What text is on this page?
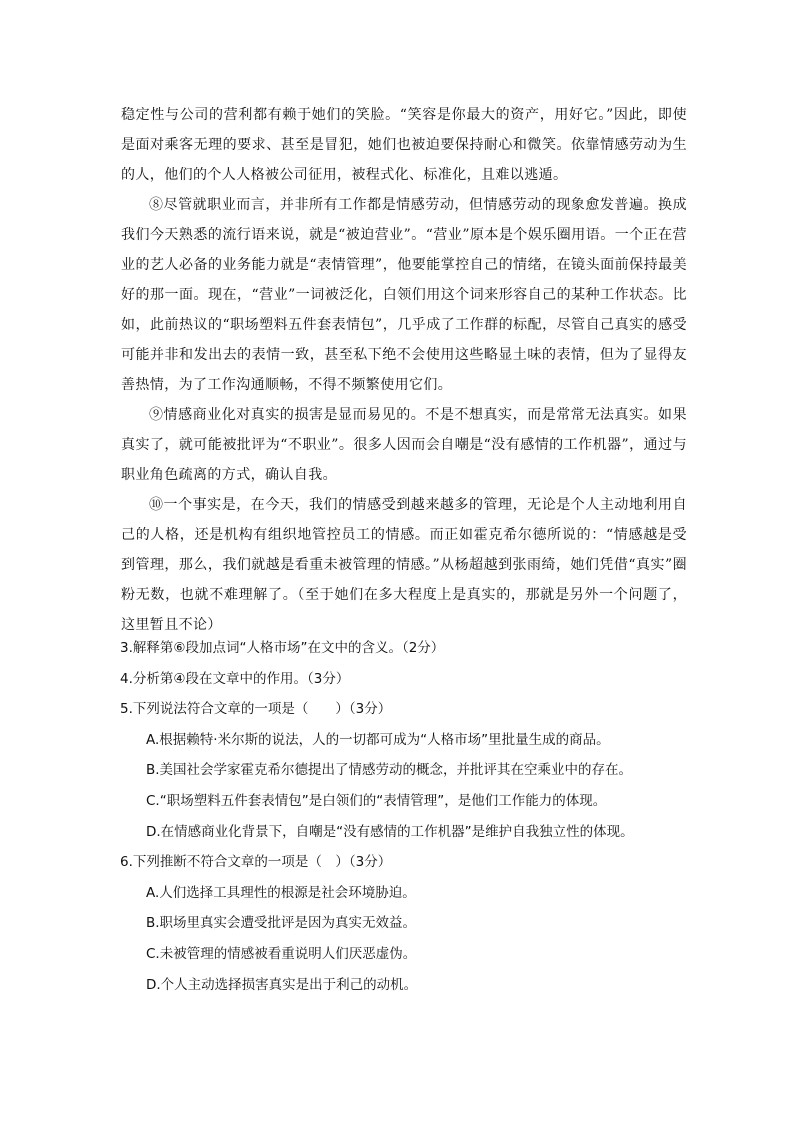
稳定性与公司的营利都有赖于她们的笑脸。“笑容是你最大的资产，用好它。”因此，即使是面对乘客无理的要求、甚至是冒犯，她们也被迫要保持耐心和微笑。依靠情感劳动为生的人，他们的个人人格被公司征用，被程式化、标准化，且难以逃遁。

⑧尽管就职业而言，并非所有工作都是情感劳动，但情感劳动的现象愈发普遍。换成我们今天熟悉的流行语来说，就是“被迫营业”。“营业”原本是个娱乐圈用语。一个正在营业的艺人必备的业务能力就是“表情管理”，他要能掌控自己的情绪，在镜头面前保持最美好的那一面。现在，“营业”一词被泛化，白领们用这个词来形容自己的某种工作状态。比如，此前热议的“职场塑料五件套表情包”，几乎成了工作群的标配，尽管自己真实的感受可能并非和发出去的表情一致，甚至私下绝不会使用这些略显土味的表情，但为了显得友善热情，为了工作沟通顺畅，不得不频繁使用它们。

⑨情感商业化对真实的损害是显而易见的。不是不想真实，而是常常无法真实。如果真实了，就可能被批评为“不职业”。很多人因而会自嘲是“没有感情的工作机器”，通过与职业角色疏离的方式，确认自我。

⑩一个事实是，在今天，我们的情感受到越来越多的管理，无论是个人主动地利用自己的人格，还是机构有组织地管控员工的情感。而正如霍克希尔德所说的：“情感越是受到管理，那么，我们就越是看重未被管理的情感。”从杨超越到张雨绮，她们凭借“真实”圈粉无数，也就不难理解了。（至于她们在多大程度上是真实的，那就是另外一个问题了，这里暂且不论）

3.解释第⑥段加点词“人格市场”在文中的含义。（2分）

4.分析第④段在文章中的作用。（3分）

5.下列说法符合文章的一项是（　　）（3分）

A.根据赖特·米尔斯的说法，人的一切都可成为“人格市场”里批量生成的商品。

B.美国社会学家霍克希尔德提出了情感劳动的概念，并批评其在空乘业中的存在。

C.“职场塑料五件套表情包”是白领们的“表情管理”，是他们工作能力的体现。

D.在情感商业化背景下，自嘲是“没有感情的工作机器”是维护自我独立性的体现。

6.下列推断不符合文章的一项是（　）（3分）

A.人们选择工具理性的根源是社会环境胁迫。

B.职场里真实会遭受批评是因为真实无效益。

C.未被管理的情感被看重说明人们厌恶虚伪。

D.个人主动选择损害真实是出于利己的动机。
